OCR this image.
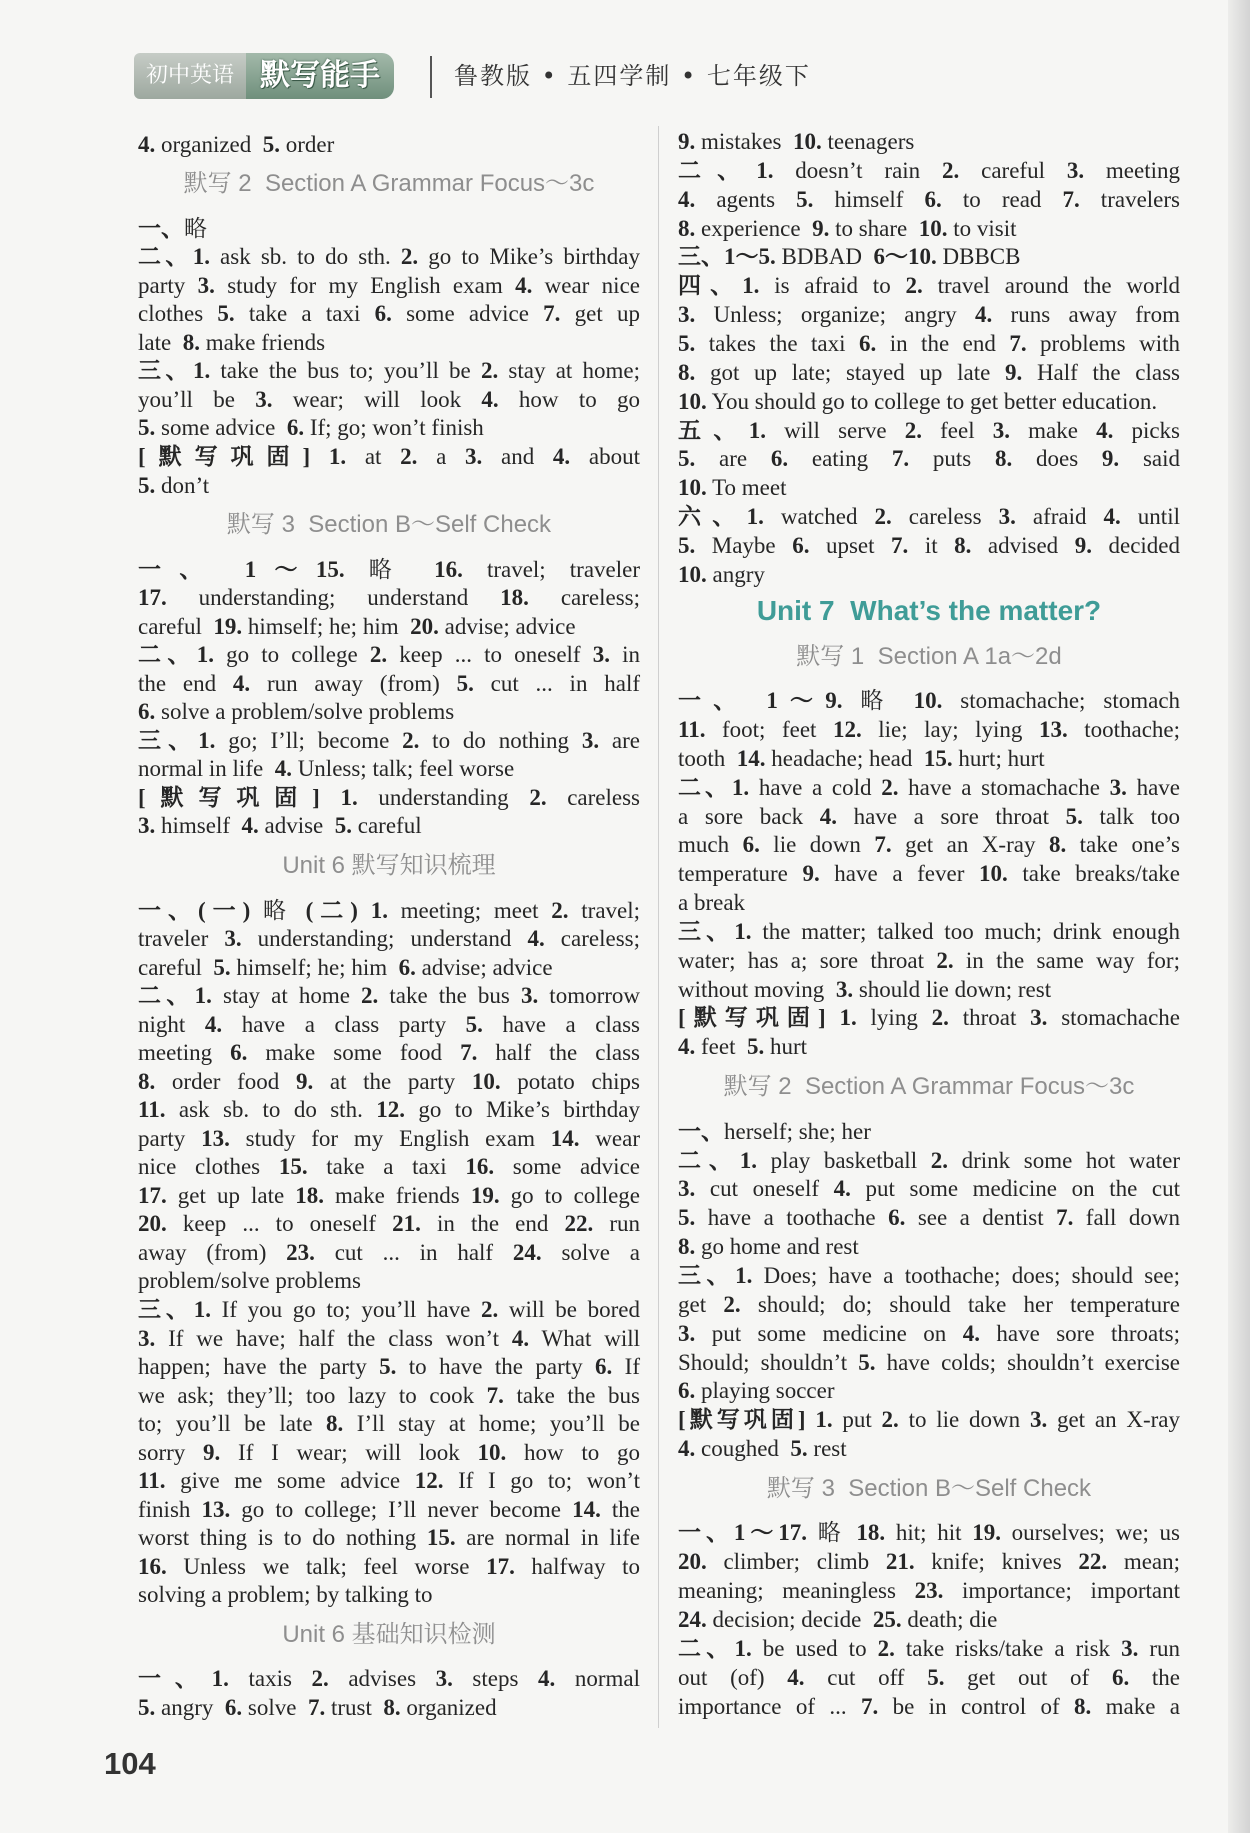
初中英语 默写能手	鲁教版 • 五四学制 • 七年级下
4. organized  5. order
默写 2  Section A Grammar Focus～3c
一、略
二、1. ask sb. to do sth. 2. go to Mike’s birthday
party 3. study for my English exam 4. wear nice
clothes 5. take a taxi 6. some advice 7. get up
late  8. make friends
三、1. take the bus to; you’ll be 2. stay at home;
you’ll be 3. wear; will look 4. how to go
5. some advice  6. If; go; won’t finish
[默写巩固] 1. at 2. a 3. and 4. about
5. don’t
默写 3  Section B～Self Check
一、 1～15. 略 16. travel; traveler
17. understanding; understand 18. careless;
careful  19. himself; he; him  20. advise; advice
二、1. go to college 2. keep ... to oneself 3. in
the end 4. run away (from) 5. cut ... in half
6. solve a problem/solve problems
三、1. go; I’ll; become 2. to do nothing 3. are
normal in life  4. Unless; talk; feel worse
[默写巩固] 1. understanding 2. careless
3. himself  4. advise  5. careful
Unit 6 默写知识梳理
一、(一) 略 (二) 1. meeting; meet 2. travel;
traveler 3. understanding; understand 4. careless;
careful  5. himself; he; him  6. advise; advice
二、1. stay at home 2. take the bus 3. tomorrow
night 4. have a class party 5. have a class
meeting 6. make some food 7. half the class
8. order food 9. at the party 10. potato chips
11. ask sb. to do sth. 12. go to Mike’s birthday
party 13. study for my English exam 14. wear
nice clothes 15. take a taxi 16. some advice
17. get up late 18. make friends 19. go to college
20. keep ... to oneself 21. in the end 22. run
away (from) 23. cut ... in half 24. solve a
problem/solve problems
三、1. If you go to; you’ll have 2. will be bored
3. If we have; half the class won’t 4. What will
happen; have the party 5. to have the party 6. If
we ask; they’ll; too lazy to cook 7. take the bus
to; you’ll be late 8. I’ll stay at home; you’ll be
sorry 9. If I wear; will look 10. how to go
11. give me some advice 12. If I go to; won’t
finish 13. go to college; I’ll never become 14. the
worst thing is to do nothing 15. are normal in life
16. Unless we talk; feel worse 17. halfway to
solving a problem; by talking to
Unit 6 基础知识检测
一、1. taxis 2. advises 3. steps 4. normal
5. angry  6. solve  7. trust  8. organized
9. mistakes  10. teenagers
二、1. doesn’t rain 2. careful 3. meeting
4. agents 5. himself 6. to read 7. travelers
8. experience  9. to share  10. to visit
三、1～5. BDBAD  6～10. DBBCB
四、1. is afraid to 2. travel around the world
3. Unless; organize; angry 4. runs away from
5. takes the taxi 6. in the end 7. problems with
8. got up late; stayed up late 9. Half the class
10. You should go to college to get better education.
五、1. will serve 2. feel 3. make 4. picks
5. are 6. eating 7. puts 8. does 9. said
10. To meet
六、1. watched 2. careless 3. afraid 4. until
5. Maybe 6. upset 7. it 8. advised 9. decided
10. angry
Unit 7  What’s the matter?
默写 1  Section A 1a～2d
一、 1～9. 略 10. stomachache; stomach
11. foot; feet 12. lie; lay; lying 13. toothache;
tooth  14. headache; head  15. hurt; hurt
二、1. have a cold 2. have a stomachache 3. have
a sore back 4. have a sore throat 5. talk too
much 6. lie down 7. get an X-ray 8. take one’s
temperature 9. have a fever 10. take breaks/take
a break
三、1. the matter; talked too much; drink enough
water; has a; sore throat 2. in the same way for;
without moving  3. should lie down; rest
[默写巩固] 1. lying 2. throat 3. stomachache
4. feet  5. hurt
默写 2  Section A Grammar Focus～3c
一、herself; she; her
二、1. play basketball 2. drink some hot water
3. cut oneself 4. put some medicine on the cut
5. have a toothache 6. see a dentist 7. fall down
8. go home and rest
三、1. Does; have a toothache; does; should see;
get 2. should; do; should take her temperature
3. put some medicine on 4. have sore throats;
Should; shouldn’t 5. have colds; shouldn’t exercise
6. playing soccer
[默写巩固] 1. put 2. to lie down 3. get an X-ray
4. coughed  5. rest
默写 3  Section B～Self Check
一、1～17. 略 18. hit; hit 19. ourselves; we; us
20. climber; climb 21. knife; knives 22. mean;
meaning; meaningless 23. importance; important
24. decision; decide  25. death; die
二、1. be used to 2. take risks/take a risk 3. run
out (of) 4. cut off 5. get out of 6. the
importance of ... 7. be in control of 8. make a
104
